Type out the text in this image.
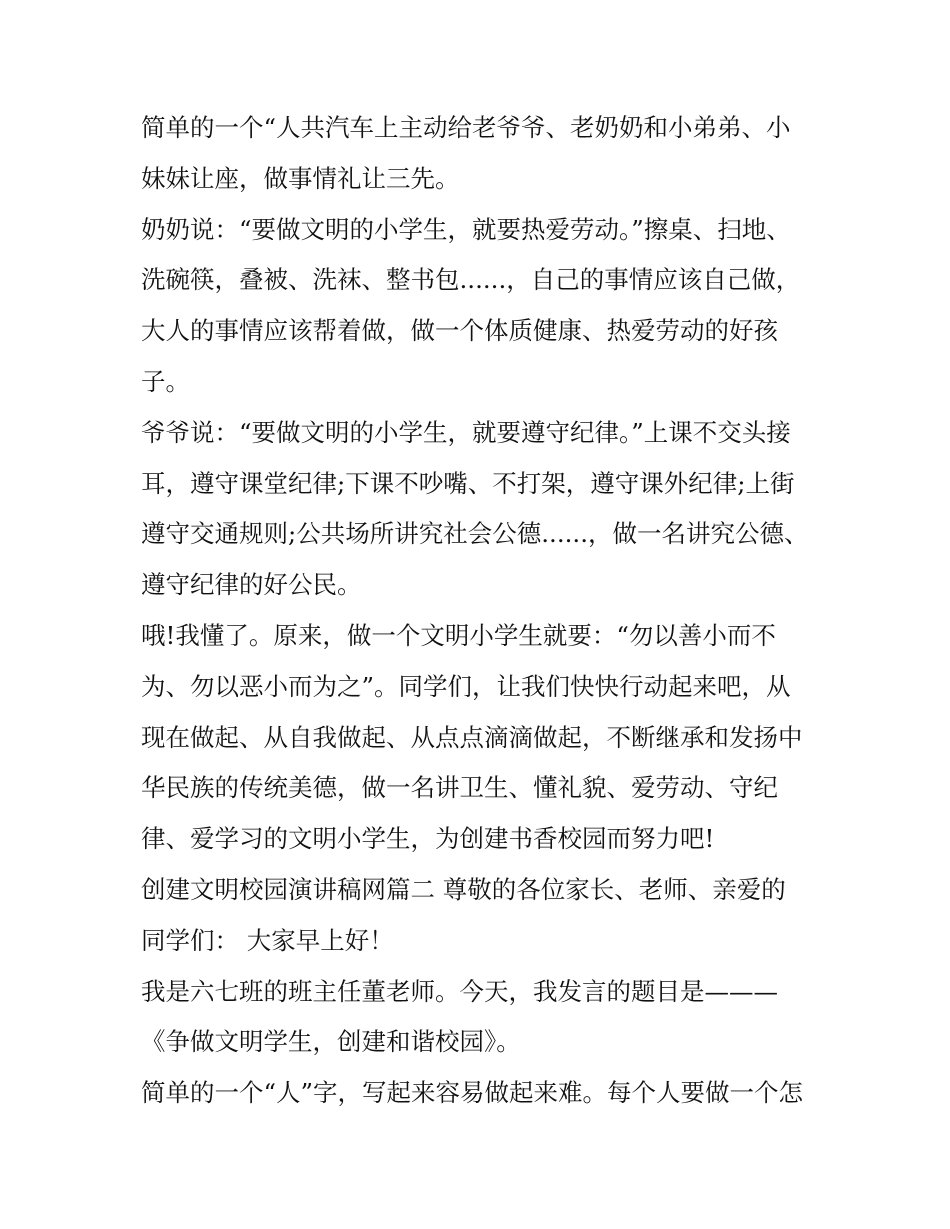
简单的一个“人共汽车上主动给老爷爷、老奶奶和小弟弟、小
妹妹让座，做事情礼让三先。
奶奶说：“要做文明的小学生，就要热爱劳动。”擦桌、扫地、
洗碗筷，叠被、洗袜、整书包......，自己的事情应该自己做，
大人的事情应该帮着做，做一个体质健康、热爱劳动的好孩
子。
爷爷说：“要做文明的小学生，就要遵守纪律。”上课不交头接
耳，遵守课堂纪律;下课不吵嘴、不打架，遵守课外纪律;上街
遵守交通规则;公共场所讲究社会公德......，做一名讲究公德、
遵守纪律的好公民。
哦!我懂了。原来，做一个文明小学生就要：“勿以善小而不
为、勿以恶小而为之”。同学们，让我们快快行动起来吧，从
现在做起、从自我做起、从点点滴滴做起，不断继承和发扬中
华民族的传统美德，做一名讲卫生、懂礼貌、爱劳动、守纪
律、爱学习的文明小学生，为创建书香校园而努力吧!
创建文明校园演讲稿网篇二 尊敬的各位家长、老师、亲爱的
同学们： 大家早上好！
我是六七班的班主任董老师。今天，我发言的题目是———
《争做文明学生，创建和谐校园》。
简单的一个“人”字，写起来容易做起来难。每个人要做一个怎
